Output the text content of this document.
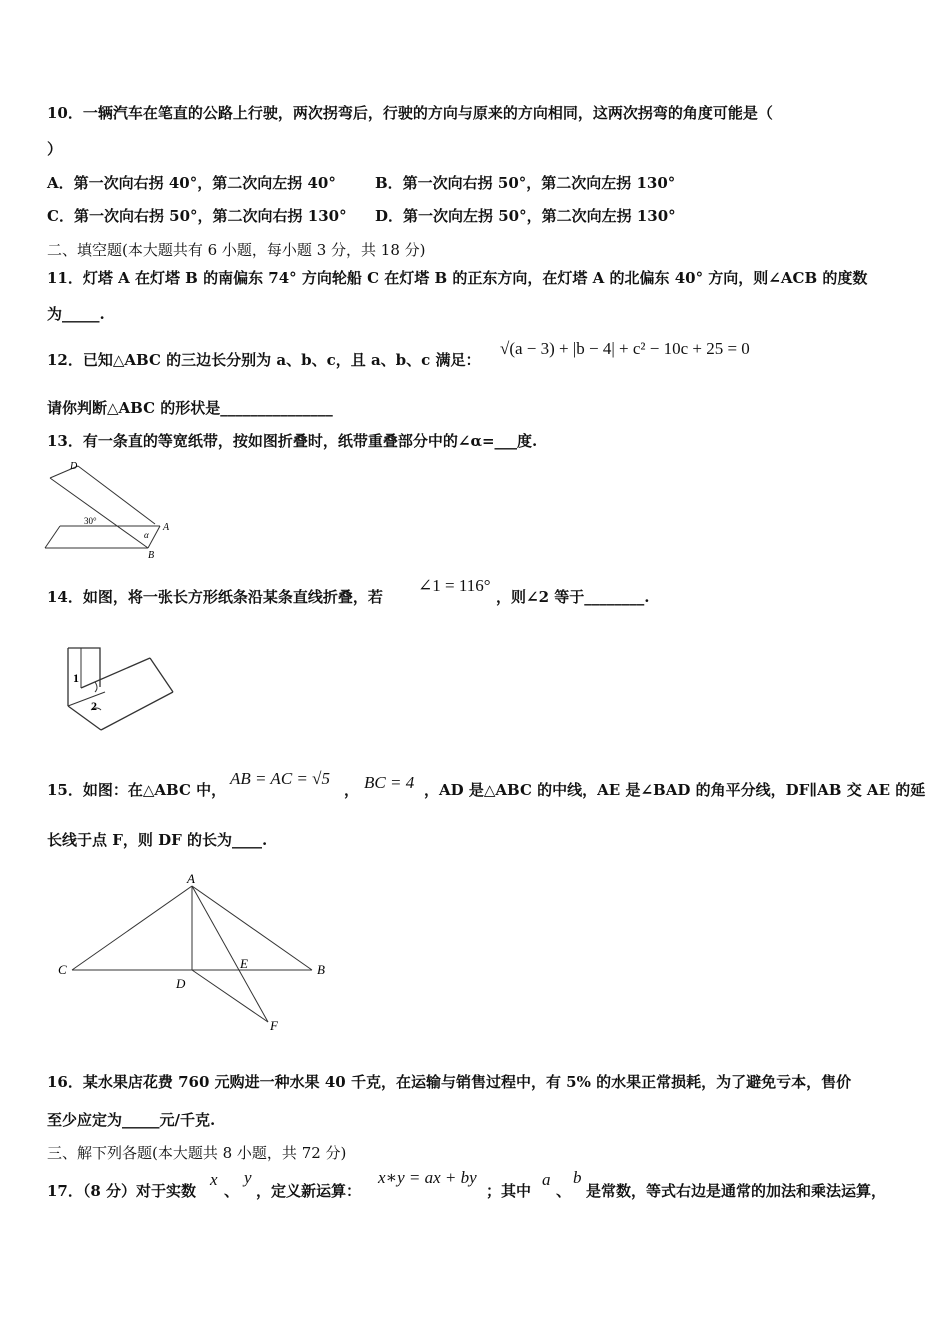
10．一辆汽车在笔直的公路上行驶，两次拐弯后，行驶的方向与原来的方向相同，这两次拐弯的角度可能是（
）
A．第一次向右拐 40°，第二次向左拐 40°	B．第一次向右拐 50°，第二次向左拐 130°
C．第一次向右拐 50°，第二次向右拐 130° D．第一次向左拐 50°，第二次向左拐 130°
二、填空题(本大题共有 6 小题，每小题 3 分，共 18 分)
11．灯塔 A 在灯塔 B 的南偏东 74° 方向轮船 C 在灯塔 B 的正东方向，在灯塔 A 的北偏东 40° 方向，则∠ACB 的度数
为_____.
12．已知△ABC 的三边长分别为 a、b、c，且 a、b、c 满足：
√(a − 3) + |b − 4| + c² − 10c + 25 = 0
请你判断△ABC 的形状是_______________
13．有一条直的等宽纸带，按如图折叠时，纸带重叠部分中的∠α=___度.
D
A
B
30°
α
14．如图，将一张长方形纸条沿某条直线折叠，若
∠1 = 116°
，则∠2 等于________.
1
2
15．如图：在△ABC 中，
AB = AC = √5
， BC = 4 ，AD 是△ABC 的中线，AE 是∠BAD 的角平分线，DF∥AB 交 AE 的延
长线于点 F，则 DF 的长为____.
A
C	B
D
E
F
16．某水果店花费 760 元购进一种水果 40 千克，在运输与销售过程中，有 5% 的水果正常损耗，为了避免亏本，售价
至少应定为_____元/千克.
三、解下列各题(本大题共 8 小题，共 72 分)
17．（8 分）对于实数
x
、
y
，定义新运算：
x∗y = ax + by
；其中
a
、
b
是常数，等式右边是通常的加法和乘法运算，
